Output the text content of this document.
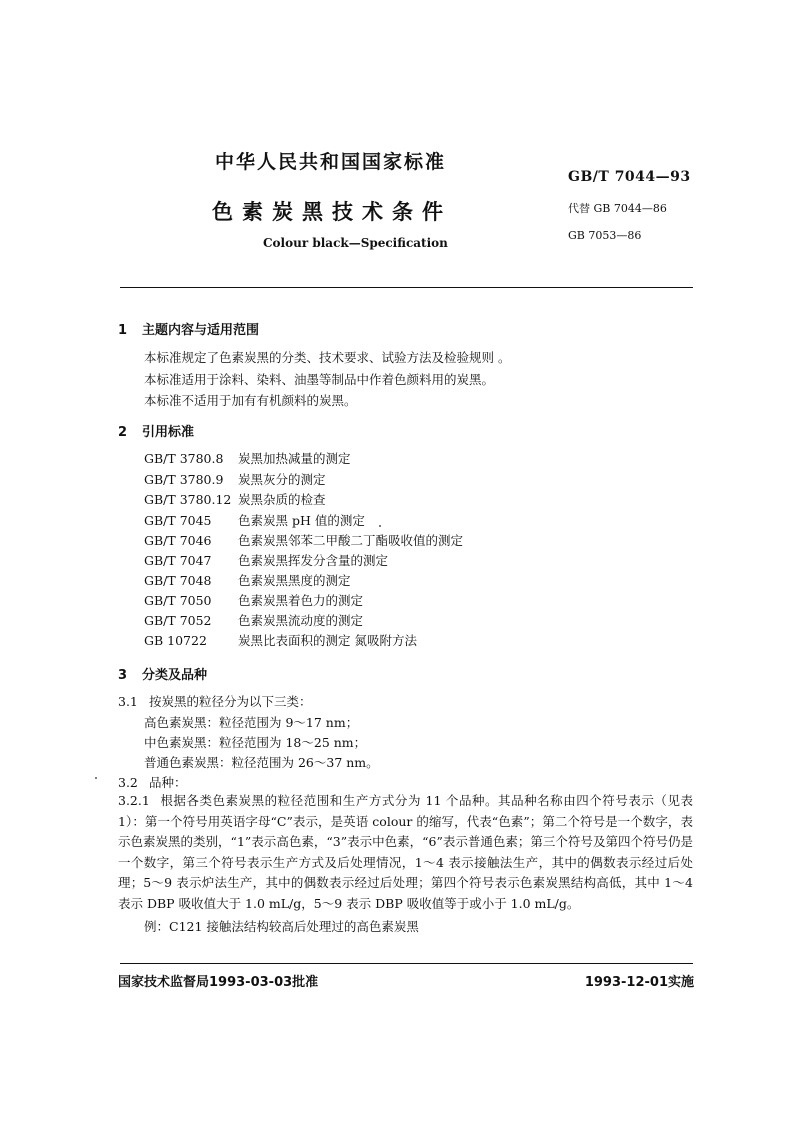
中华人民共和国国家标准
色素炭黑技术条件
Colour black—Specification
GB/T 7044—93
代替 GB 7044—86
GB 7053—86
1 主题内容与适用范围
本标准规定了色素炭黑的分类、技术要求、试验方法及检验规则 。
本标准适用于涂料、染料、油墨等制品中作着色颜料用的炭黑。
本标准不适用于加有有机颜料的炭黑。
2 引用标准
GB/T 3780.8 炭黑加热减量的测定
GB/T 3780.9 炭黑灰分的测定
GB/T 3780.12 炭黑杂质的检查
GB/T 7045 色素炭黑 pH 值的测定
GB/T 7046 色素炭黑邻苯二甲酸二丁酯吸收值的测定
GB/T 7047 色素炭黑挥发分含量的测定
GB/T 7048 色素炭黑黑度的测定
GB/T 7050 色素炭黑着色力的测定
GB/T 7052 色素炭黑流动度的测定
GB 10722 炭黑比表面积的测定 氮吸附方法
3 分类及品种
3.1 按炭黑的粒径分为以下三类：
高色素炭黑：粒径范围为 9～17 nm；
中色素炭黑：粒径范围为 18～25 nm；
普通色素炭黑：粒径范围为 26～37 nm。
3.2 品种：
3.2.1 根据各类色素炭黑的粒径范围和生产方式分为 11 个品种。其品种名称由四个符号表示（见表 1）：第一个符号用英语字母“C”表示，是英语 colour 的缩写，代表“色素”；第二个符号是一个数字，表示色素炭黑的类别，“1”表示高色素，“3”表示中色素，“6”表示普通色素；第三个符号及第四个符号仍是一个数字，第三个符号表示生产方式及后处理情况，1～4 表示接触法生产，其中的偶数表示经过后处理；5～9 表示炉法生产，其中的偶数表示经过后处理；第四个符号表示色素炭黑结构高低，其中 1～4 表示 DBP 吸收值大于 1.0 mL/g，5～9 表示 DBP 吸收值等于或小于 1.0 mL/g。
例：C121 接触法结构较高后处理过的高色素炭黑
国家技术监督局1993-03-03批准	1993-12-01实施
